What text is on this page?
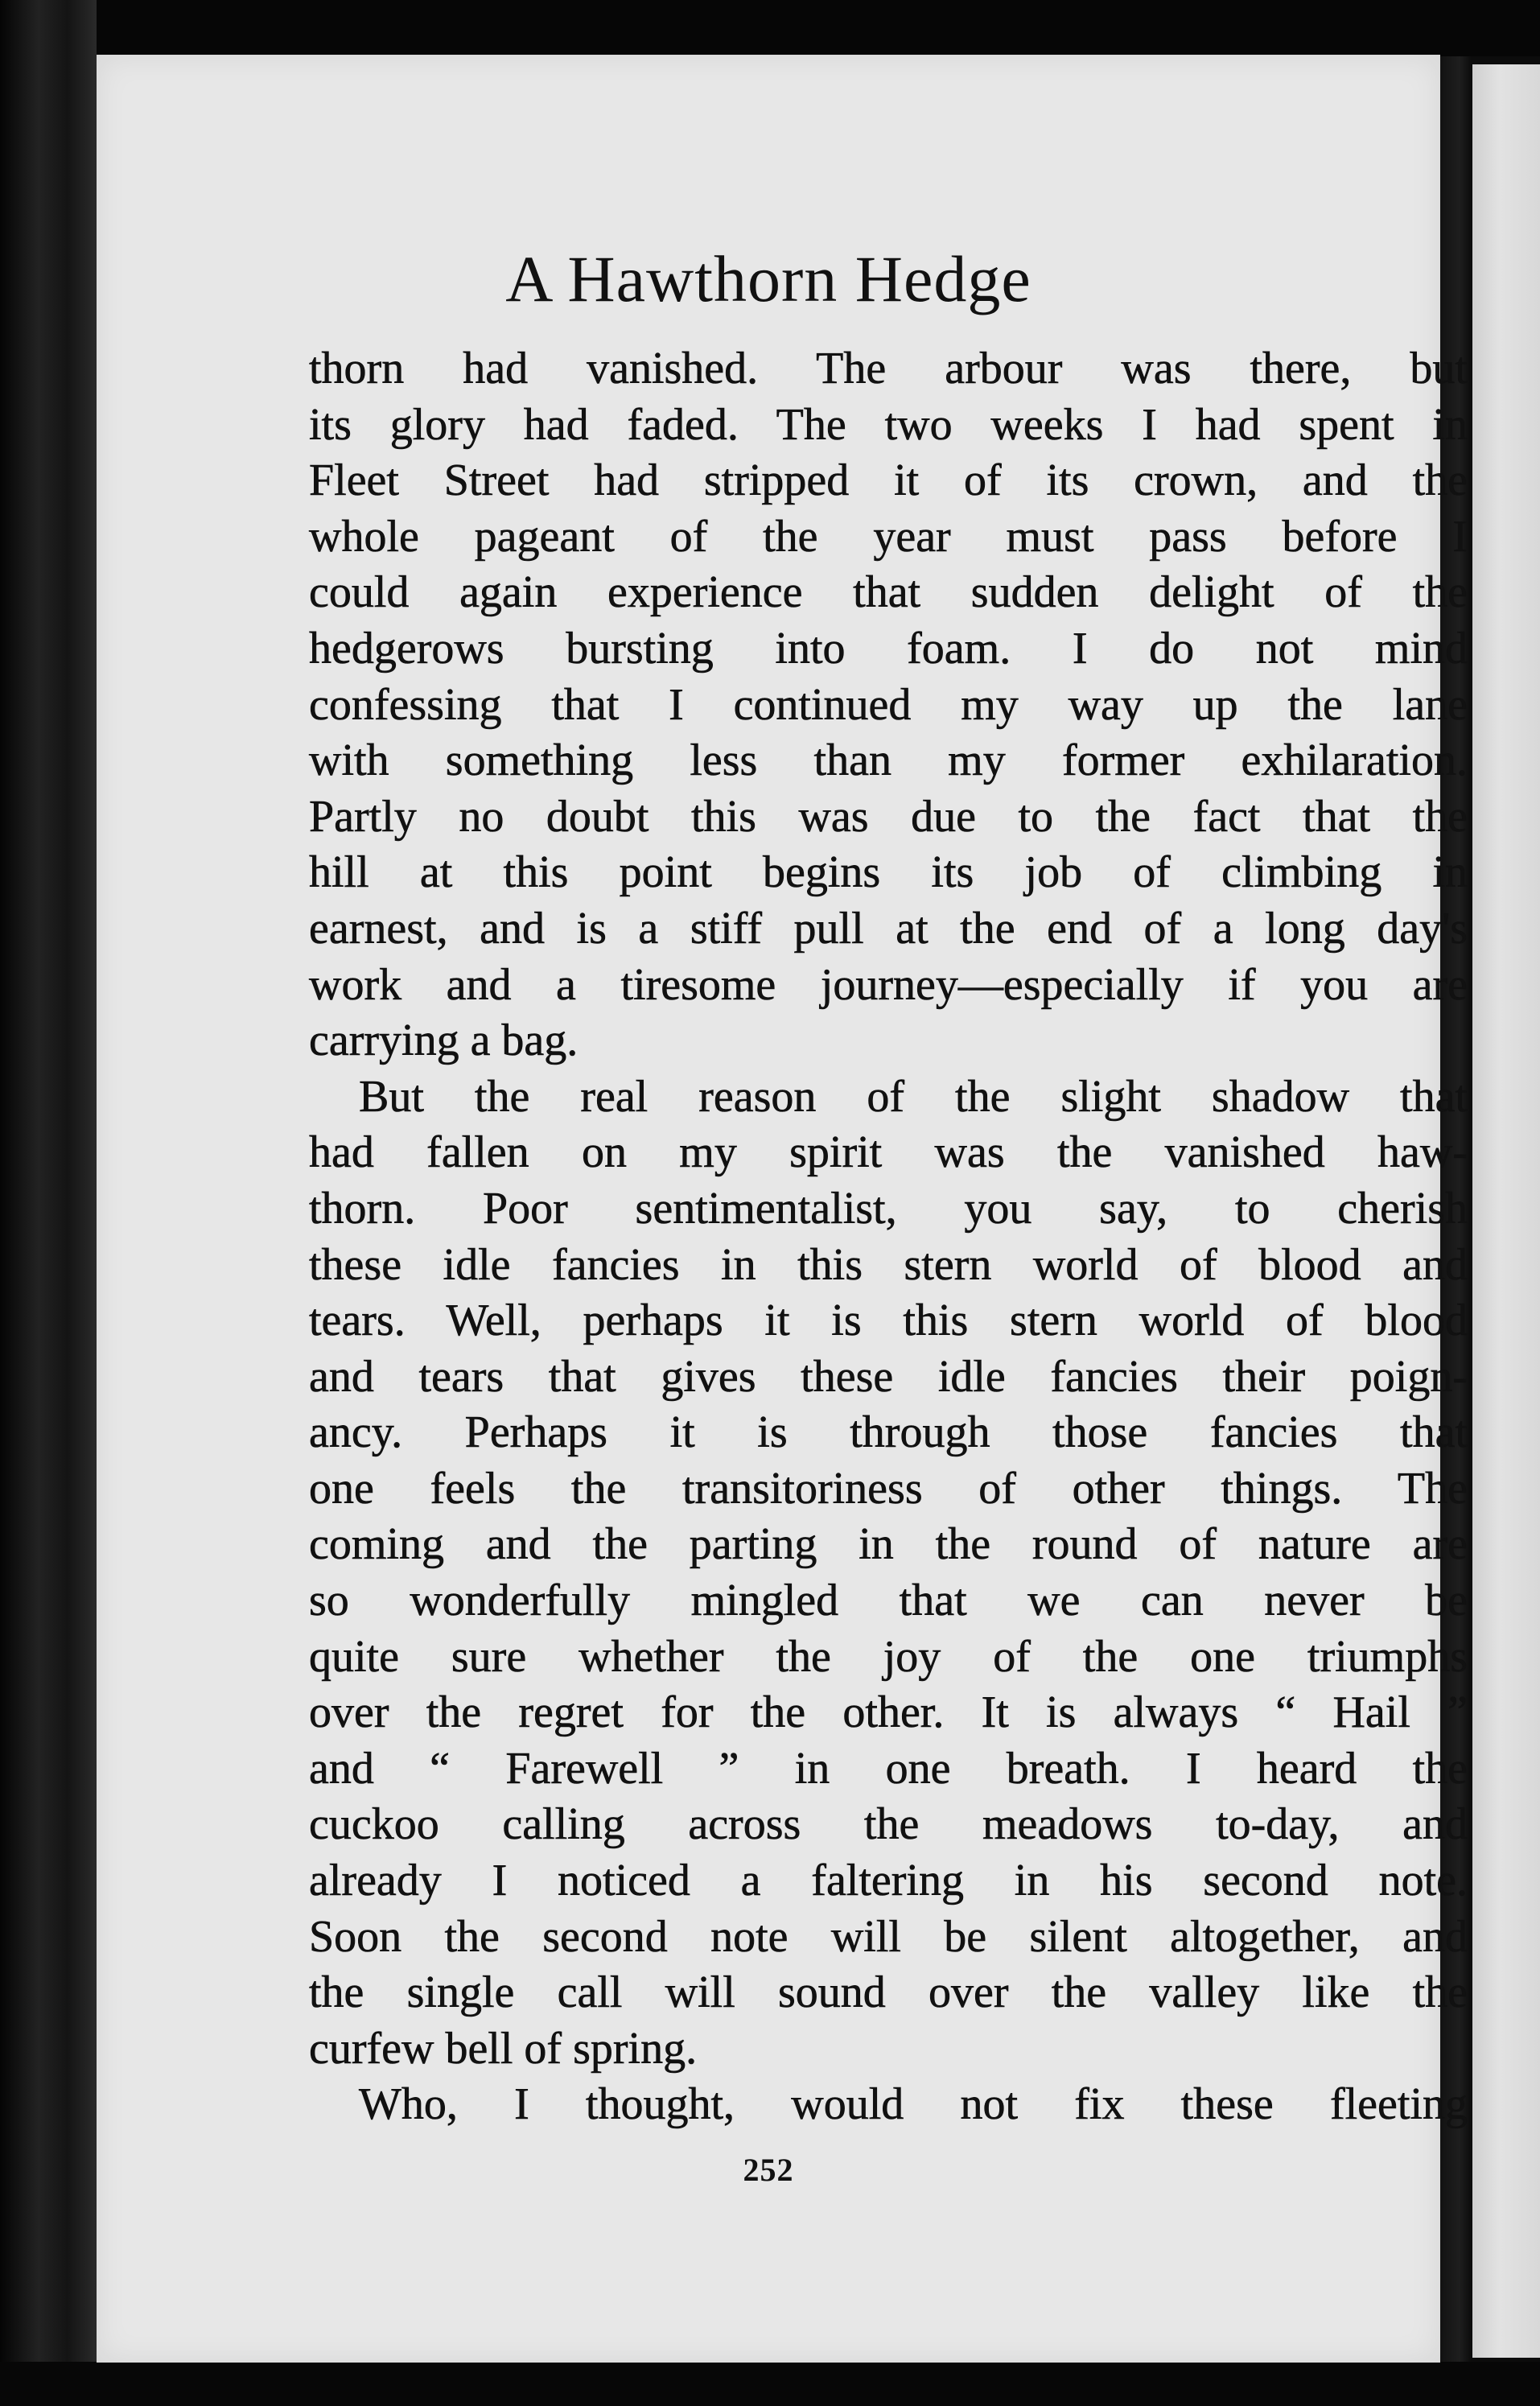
A Hawthorn Hedge
thorn had vanished. The arbour was there, but
its glory had faded. The two weeks I had spent in
Fleet Street had stripped it of its crown, and the
whole pageant of the year must pass before I
could again experience that sudden delight of the
hedgerows bursting into foam. I do not mind
confessing that I continued my way up the lane
with something less than my former exhilaration.
Partly no doubt this was due to the fact that the
hill at this point begins its job of climbing in
earnest, and is a stiff pull at the end of a long day's
work and a tiresome journey—especially if you are
carrying a bag.
But the real reason of the slight shadow that
had fallen on my spirit was the vanished haw-
thorn. Poor sentimentalist, you say, to cherish
these idle fancies in this stern world of blood and
tears. Well, perhaps it is this stern world of blood
and tears that gives these idle fancies their poign-
ancy. Perhaps it is through those fancies that
one feels the transitoriness of other things. The
coming and the parting in the round of nature are
so wonderfully mingled that we can never be
quite sure whether the joy of the one triumphs
over the regret for the other. It is always “ Hail ”
and “ Farewell ” in one breath. I heard the
cuckoo calling across the meadows to-day, and
already I noticed a faltering in his second note.
Soon the second note will be silent altogether, and
the single call will sound over the valley like the
curfew bell of spring.
Who, I thought, would not fix these fleeting
252
